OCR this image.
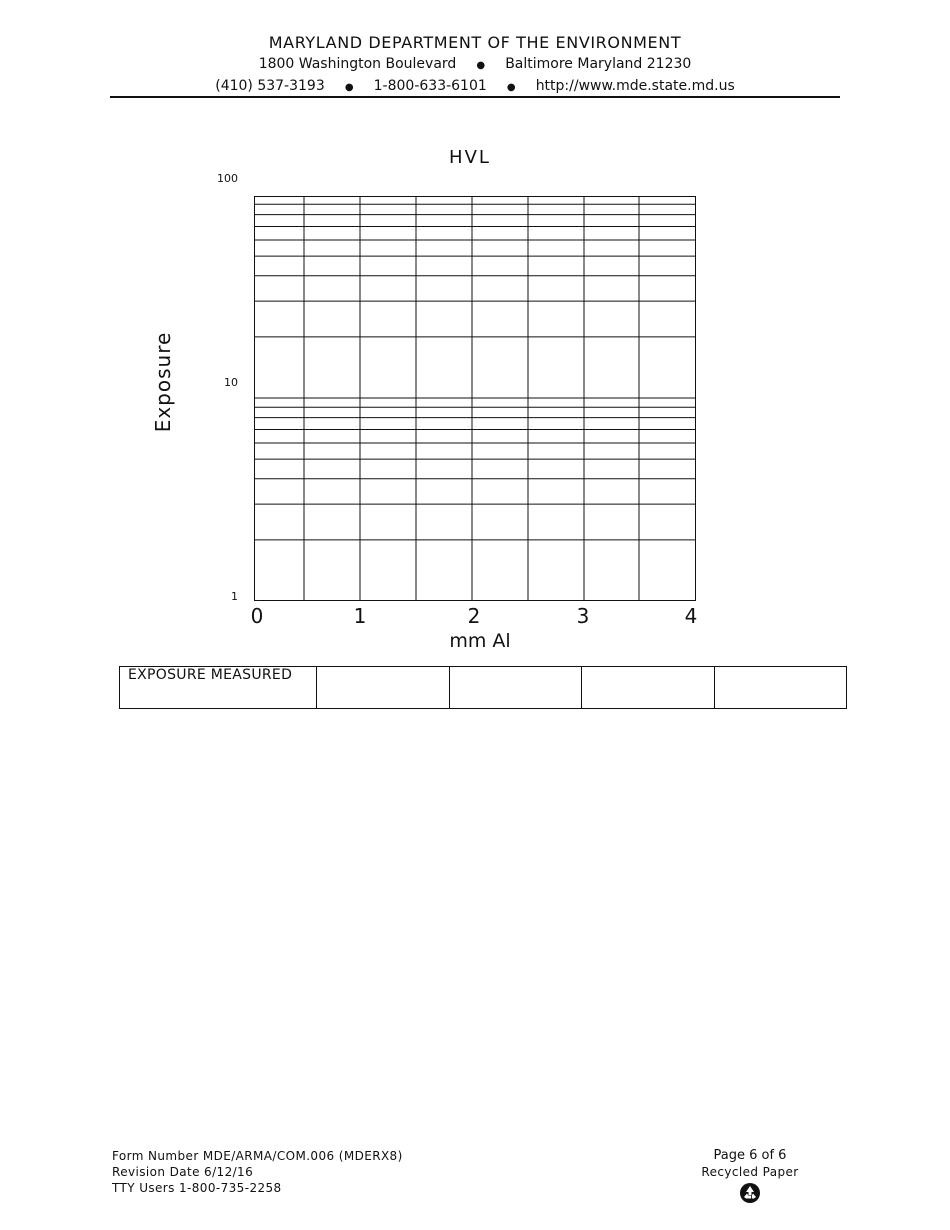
MARYLAND DEPARTMENT OF THE ENVIRONMENT
1800 Washington Boulevard ● Baltimore Maryland 21230
(410) 537-3193 ● 1-800-633-6101 ● http://www.mde.state.md.us
HVL
Exposure
100
10
1
0	1	2	3	4
mm Al
EXPOSURE MEASURED				
Form Number MDE/ARMA/COM.006 (MDERX8)
Revision Date 6/12/16
TTY Users 1-800-735-2258
Page 6 of 6
Recycled Paper
